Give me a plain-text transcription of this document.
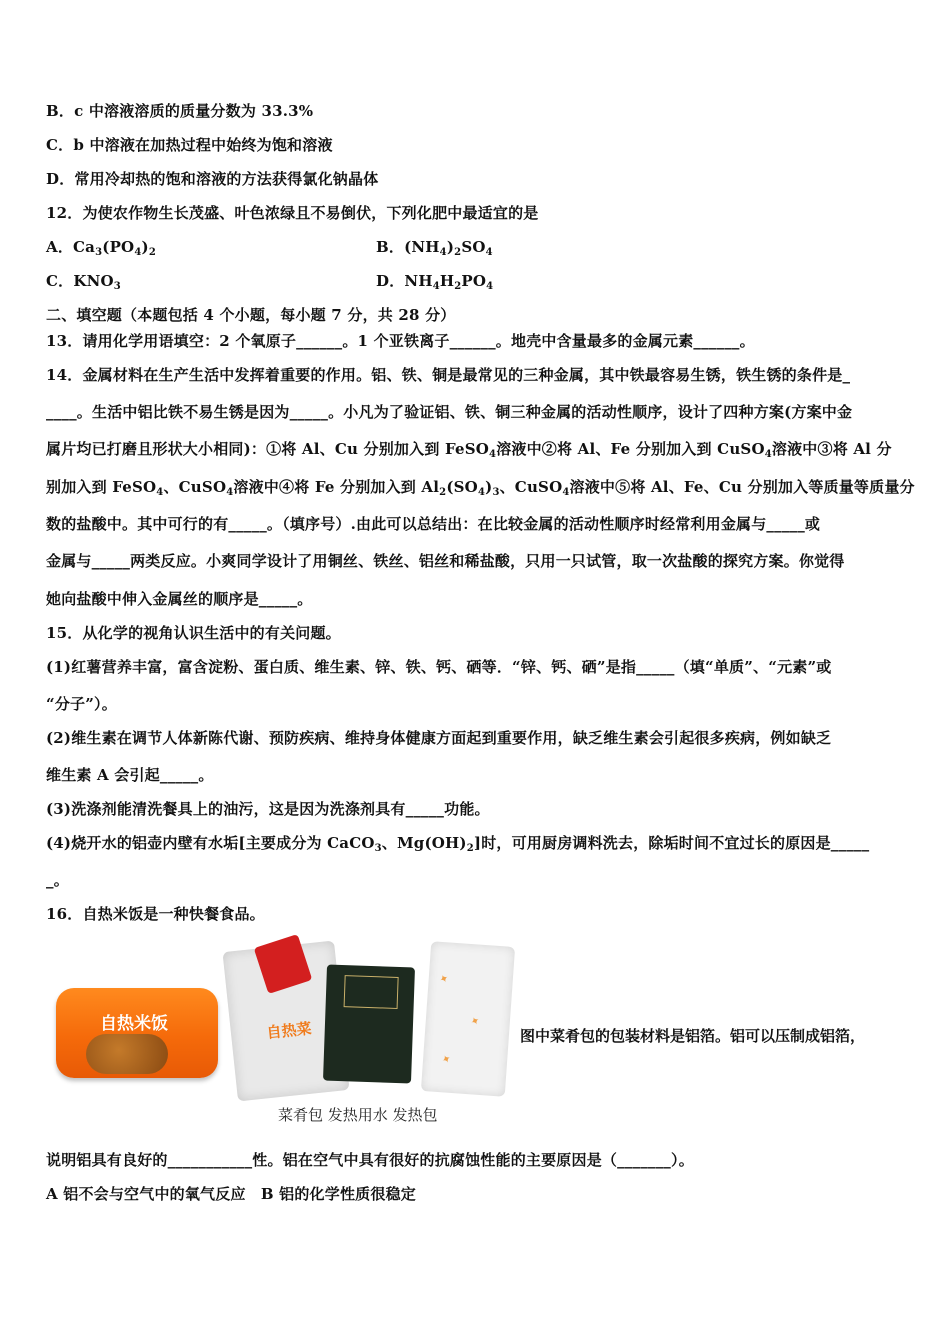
B．c 中溶液溶质的质量分数为 33.3%
C．b 中溶液在加热过程中始终为饱和溶液
D．常用冷却热的饱和溶液的方法获得氯化钠晶体
12．为使农作物生长茂盛、叶色浓绿且不易倒伏，下列化肥中最适宜的是
A．$Ca_3(PO_4)_2$	B．$(NH_4)_2SO_4$
C．$KNO_3$	D．$NH_4H_2PO_4$
二、填空题（本题包括 4 个小题，每小题 7 分，共 28 分）
13．请用化学用语填空：2 个氧原子______。1 个亚铁离子______。地壳中含量最多的金属元素______。
14．金属材料在生产生活中发挥着重要的作用。铝、铁、铜是最常见的三种金属，其中铁最容易生锈，铁生锈的条件是_
____。生活中铝比铁不易生锈是因为_____。小凡为了验证铝、铁、铜三种金属的活动性顺序，设计了四种方案(方案中金
属片均已打磨且形状大小相同)：①将 Al、Cu 分别加入到 FeSO$_4$溶液中②将 Al、Fe 分别加入到 CuSO$_4$溶液中③将 Al 分
别加入到 FeSO$_4$、CuSO$_4$溶液中④将 Fe 分别加入到 $Al_2(SO_4)_3$、CuSO$_4$溶液中⑤将 Al、Fe、Cu 分别加入等质量等质量分
数的盐酸中。其中可行的有_____。（填序号）.由此可以总结出：在比较金属的活动性顺序时经常利用金属与_____或
金属与_____两类反应。小爽同学设计了用铜丝、铁丝、铝丝和稀盐酸，只用一只试管，取一次盐酸的探究方案。你觉得
她向盐酸中伸入金属丝的顺序是_____。
15．从化学的视角认识生活中的有关问题。
(1)红薯营养丰富，富含淀粉、蛋白质、维生素、锌、铁、钙、硒等．“锌、钙、硒”是指_____（填“单质”、“元素”或
“分子”）。
(2)维生素在调节人体新陈代谢、预防疾病、维持身体健康方面起到重要作用，缺乏维生素会引起很多疾病，例如缺乏
维生素 A 会引起_____。
(3)洗涤剂能清洗餐具上的油污，这是因为洗涤剂具有_____功能。
(4)烧开水的铝壶内壁有水垢[主要成分为 CaCO$_3$、$Mg(OH)_2$]时，可用厨房调料洗去，除垢时间不宜过长的原因是_____
_。
16．自热米饭是一种快餐食品。
自热米饭	自热菜
✦
✦
✦
菜肴包 发热用水 发热包
图中菜肴包的包装材料是铝箔。铝可以压制成铝箔，
说明铝具有良好的___________性。铝在空气中具有很好的抗腐蚀性能的主要原因是（_______）。
A 铝不会与空气中的氧气反应　B 铝的化学性质很稳定
